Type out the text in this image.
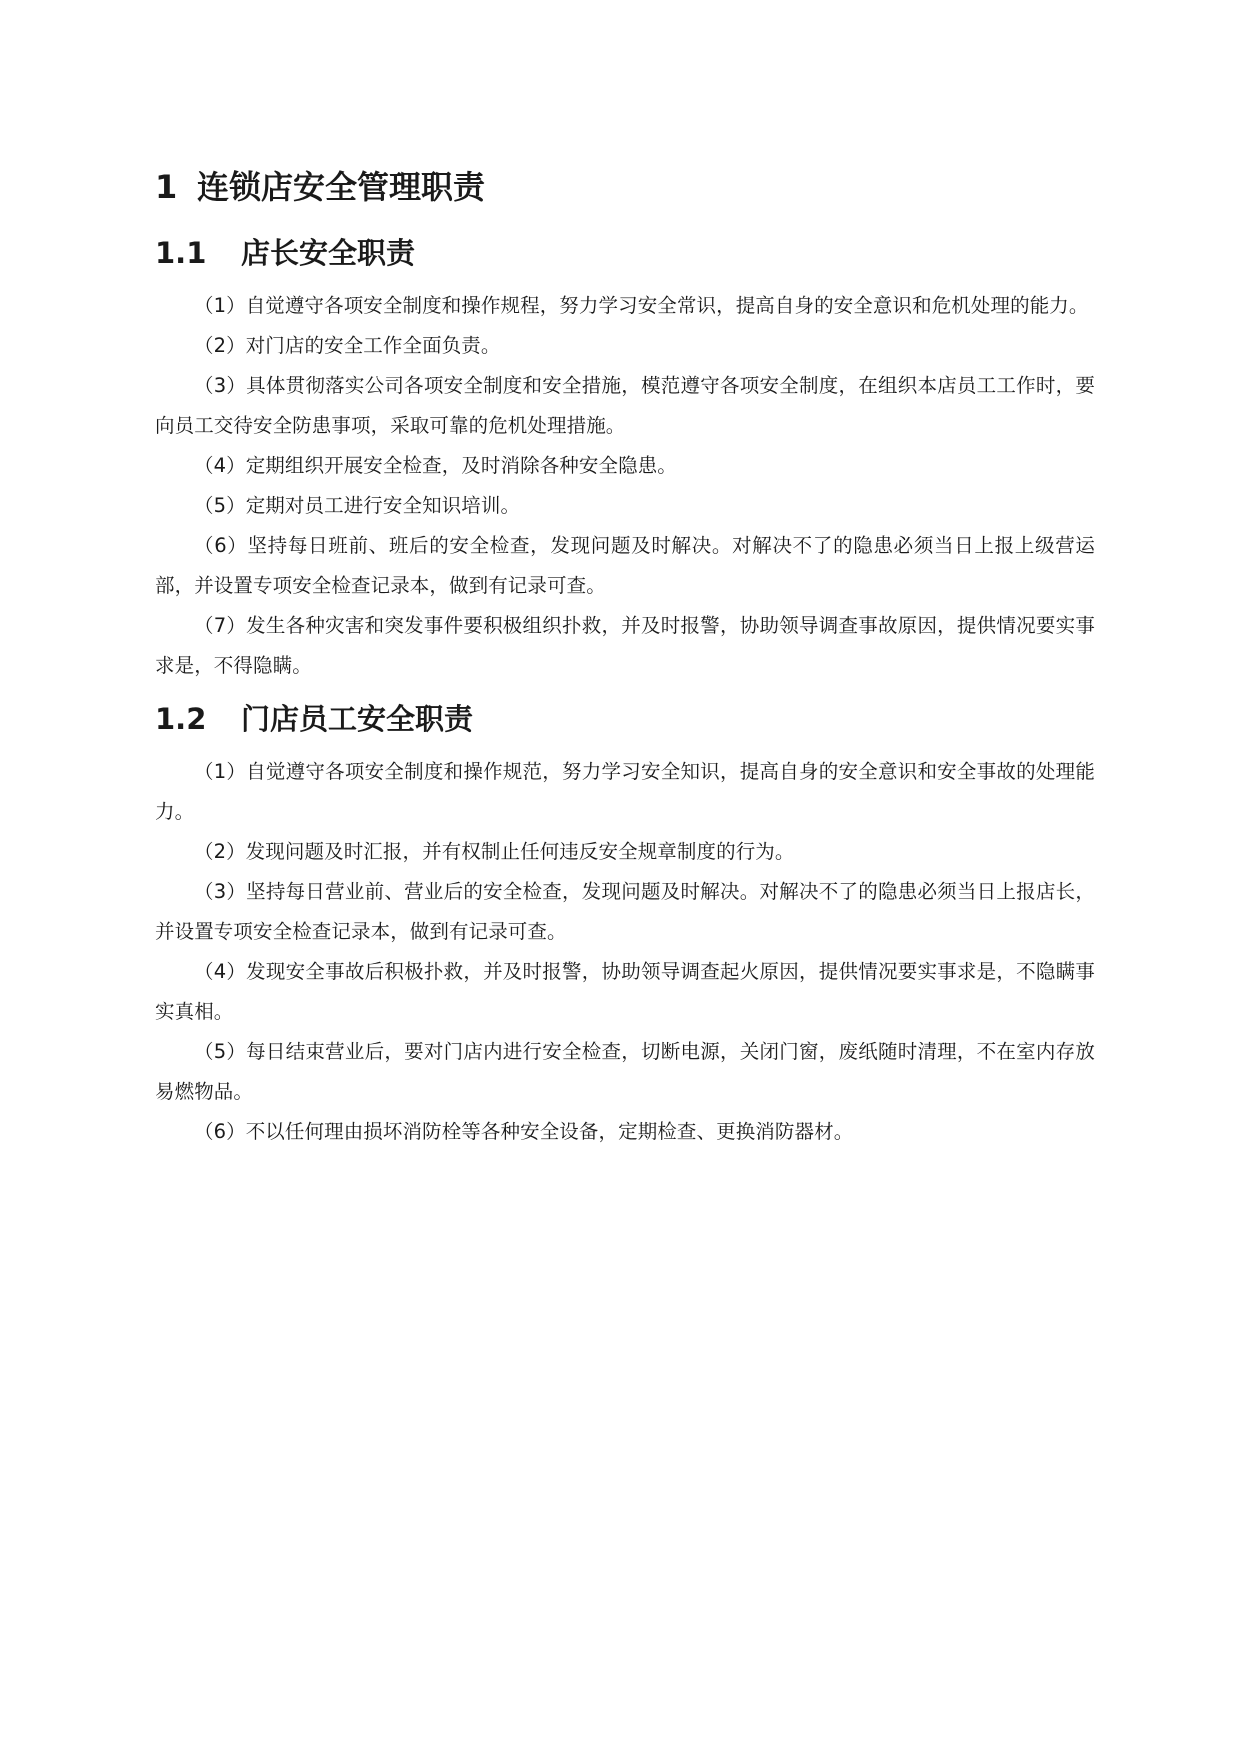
1 连锁店安全管理职责
1.1	店长安全职责

（1）自觉遵守各项安全制度和操作规程，努力学习安全常识，提高自身的安全意识和危机处理的能力。

（2）对门店的安全工作全面负责。

（3）具体贯彻落实公司各项安全制度和安全措施，模范遵守各项安全制度，在组织本店员工工作时，要向员工交待安全防患事项，采取可靠的危机处理措施。

（4）定期组织开展安全检查，及时消除各种安全隐患。

（5）定期对员工进行安全知识培训。

（6）坚持每日班前、班后的安全检查，发现问题及时解决。对解决不了的隐患必须当日上报上级营运部，并设置专项安全检查记录本，做到有记录可查。

（7）发生各种灾害和突发事件要积极组织扑救，并及时报警，协助领导调查事故原因，提供情况要实事求是，不得隐瞒。

1.2	门店员工安全职责

（1）自觉遵守各项安全制度和操作规范，努力学习安全知识，提高自身的安全意识和安全事故的处理能力。

（2）发现问题及时汇报，并有权制止任何违反安全规章制度的行为。

（3）坚持每日营业前、营业后的安全检查，发现问题及时解决。对解决不了的隐患必须当日上报店长，并设置专项安全检查记录本，做到有记录可查。

（4）发现安全事故后积极扑救，并及时报警，协助领导调查起火原因，提供情况要实事求是，不隐瞒事实真相。

（5）每日结束营业后，要对门店内进行安全检查，切断电源，关闭门窗，废纸随时清理，不在室内存放易燃物品。

（6）不以任何理由损坏消防栓等各种安全设备，定期检查、更换消防器材。
